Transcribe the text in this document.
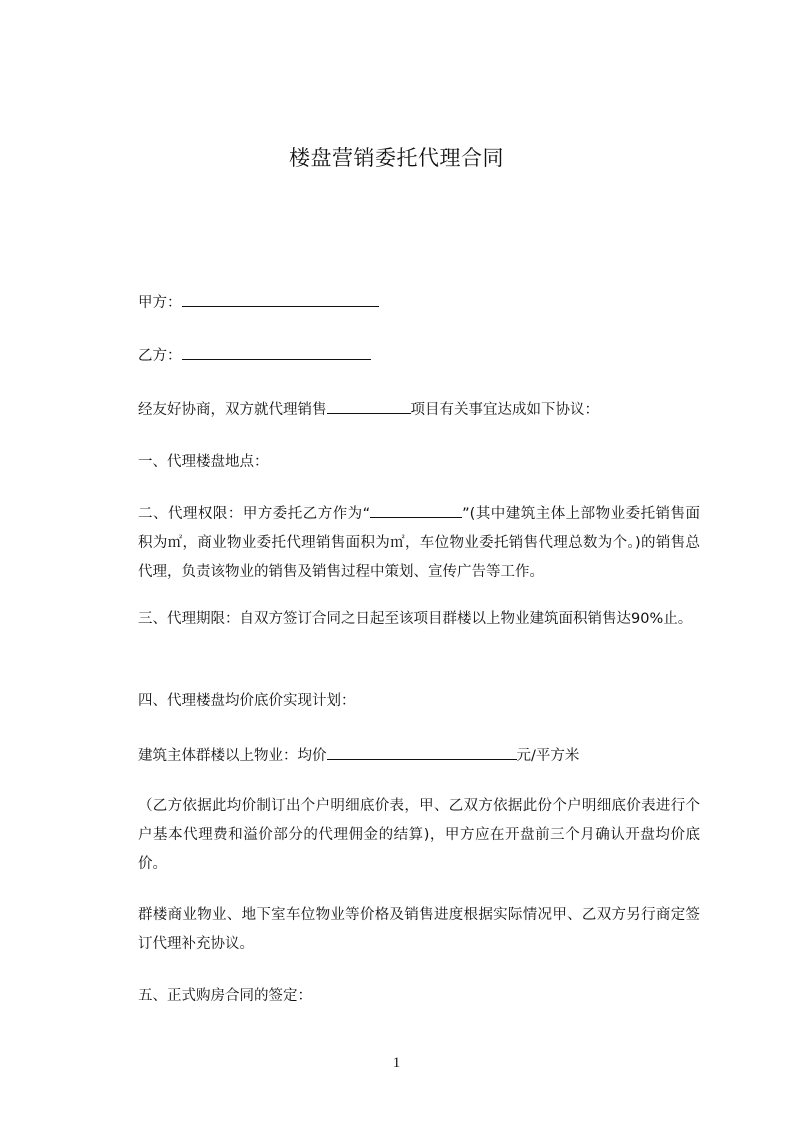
楼盘营销委托代理合同
甲方：
乙方：
经友好协商，双方就代理销售	项目有关事宜达成如下协议：
一、代理楼盘地点：

二、代理权限：甲方委托乙方作为“	”(其中建筑主体上部物业委托销售面积为㎡，商业物业委托代理销售面积为㎡，车位物业委托销售代理总数为个。)的销售总代理，负责该物业的销售及销售过程中策划、宣传广告等工作。

三、代理期限：自双方签订合同之日起至该项目群楼以上物业建筑面积销售达90%止。

四、代理楼盘均价底价实现计划：
建筑主体群楼以上物业：均价	元/平方米

（乙方依据此均价制订出个户明细底价表，甲、乙双方依据此份个户明细底价表进行个户基本代理费和溢价部分的代理佣金的结算)，甲方应在开盘前三个月确认开盘均价底价。

群楼商业物业、地下室车位物业等价格及销售进度根据实际情况甲、乙双方另行商定签订代理补充协议。

五、正式购房合同的签定：
1
